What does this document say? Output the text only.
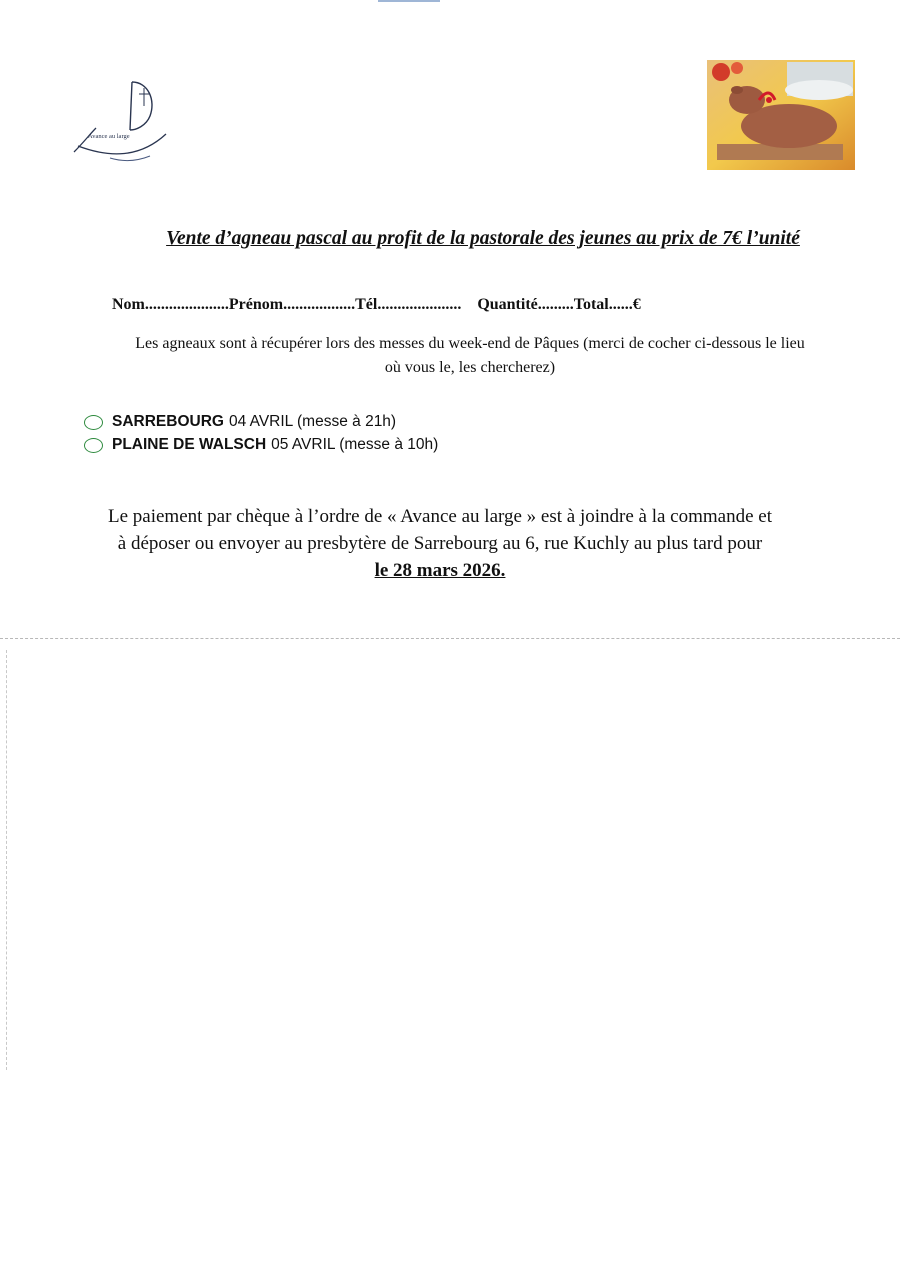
Avance au large
Vente d’agneau pascal au profit de la pastorale des jeunes au prix de 7€ l’unité
Nom.....................Prénom..................Tél..................... Quantité.........Total......€
Les agneaux sont à récupérer lors des messes du week-end de Pâques (merci de cocher ci-dessous le lieu
où vous le, les chercherez)
SARREBOURG 04 AVRIL (messe à 21h)
PLAINE DE WALSCH 05 AVRIL (messe à 10h)
Le paiement par chèque à l’ordre de « Avance au large » est à joindre à la commande et
à déposer ou envoyer au presbytère de Sarrebourg au 6, rue Kuchly au plus tard pour
le 28 mars 2026.
